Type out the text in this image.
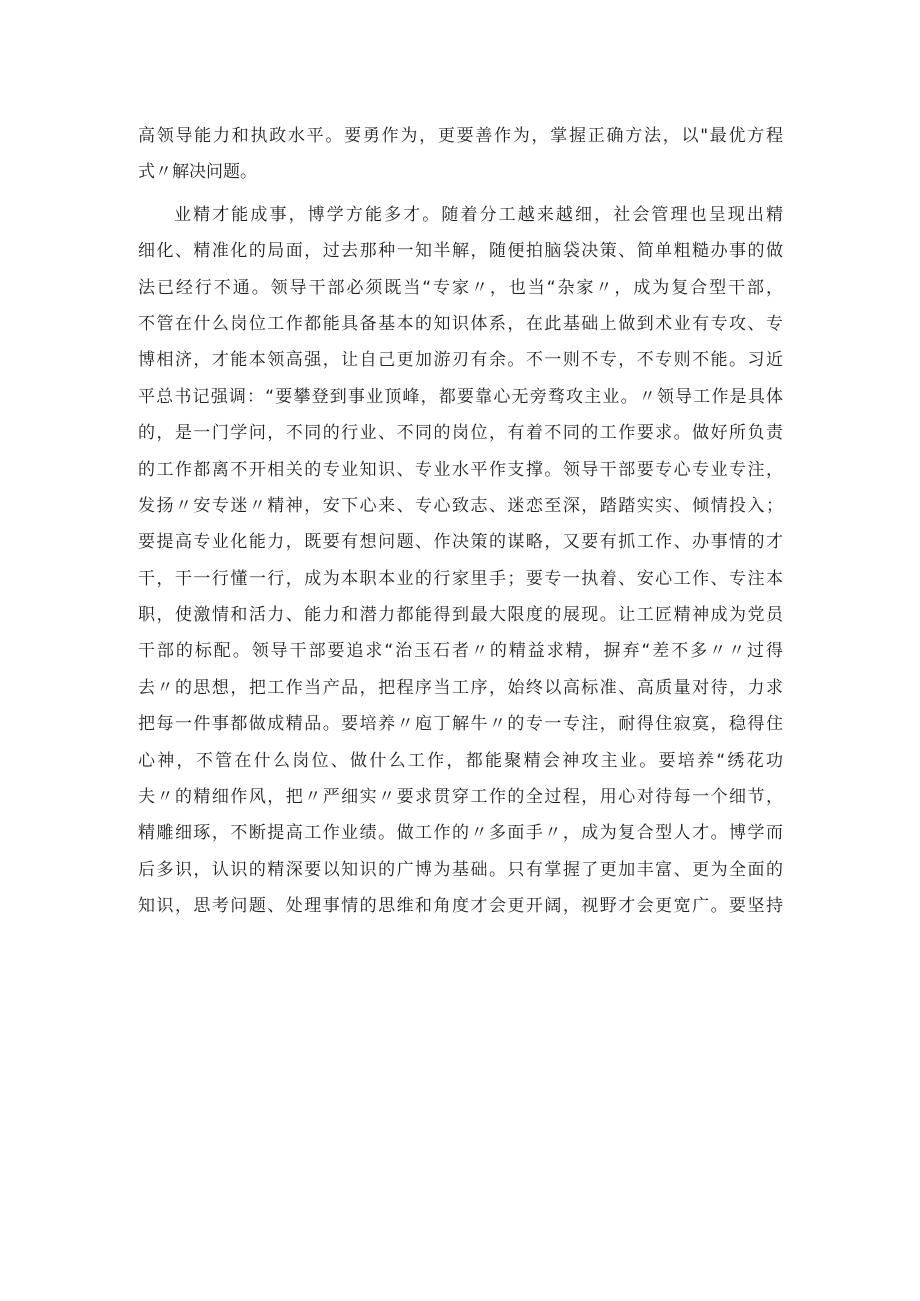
高领导能力和执政水平。要勇作为，更要善作为，掌握正确方法，以"最优方程
式〃解决问题。
业精才能成事，博学方能多才。随着分工越来越细，社会管理也呈现出精
细化、精准化的局面，过去那种一知半解，随便拍脑袋决策、简单粗糙办事的做
法已经行不通。领导干部必须既当“专家〃，也当“杂家〃，成为复合型干部，
不管在什么岗位工作都能具备基本的知识体系，在此基础上做到术业有专攻、专
博相济，才能本领高强，让自己更加游刃有余。不一则不专，不专则不能。习近
平总书记强调：“要攀登到事业顶峰，都要靠心无旁骛攻主业。〃领导工作是具体
的，是一门学问，不同的行业、不同的岗位，有着不同的工作要求。做好所负责
的工作都离不开相关的专业知识、专业水平作支撑。领导干部要专心专业专注，
发扬〃安专迷〃精神，安下心来、专心致志、迷恋至深，踏踏实实、倾情投入；
要提高专业化能力，既要有想问题、作决策的谋略，又要有抓工作、办事情的才
干，干一行懂一行，成为本职本业的行家里手；要专一执着、安心工作、专注本
职，使激情和活力、能力和潜力都能得到最大限度的展现。让工匠精神成为党员
干部的标配。领导干部要追求“治玉石者〃的精益求精，摒弃“差不多〃〃过得
去〃的思想，把工作当产品，把程序当工序，始终以高标准、高质量对待，力求
把每一件事都做成精品。要培养〃庖丁解牛〃的专一专注，耐得住寂寞，稳得住
心神，不管在什么岗位、做什么工作，都能聚精会神攻主业。要培养“绣花功
夫〃的精细作风，把〃严细实〃要求贯穿工作的全过程，用心对待每一个细节，
精雕细琢，不断提高工作业绩。做工作的〃多面手〃，成为复合型人才。博学而
后多识，认识的精深要以知识的广博为基础。只有掌握了更加丰富、更为全面的
知识，思考问题、处理事情的思维和角度才会更开阔，视野才会更宽广。要坚持
